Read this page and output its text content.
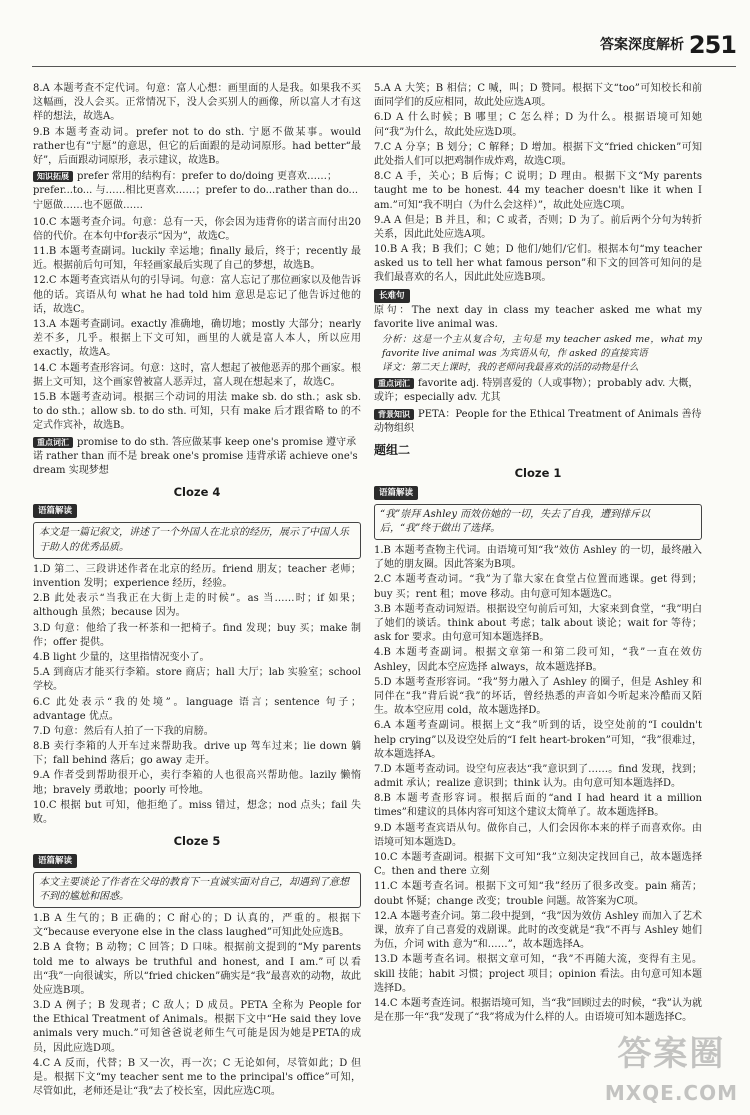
答案深度解析 251
8.A 本题考查不定代词。句意：富人心想：画里面的人是我。如果我不买这幅画，没人会买。正常情况下，没人会买别人的画像，所以富人才有这样的想法，故选A。
9.B 本题考查动词。prefer not to do sth. 宁愿不做某事。would rather也有“宁愿”的意思，但它的后面跟的是动词原形。had better“最好”，后面跟动词原形，表示建议，故选B。
知识拓展 prefer 常用的结构有：prefer to do/doing 更喜欢……；prefer...to... 与……相比更喜欢……；prefer to do...rather than do... 宁愿做……也不愿做……
10.C 本题考查介词。句意：总有一天，你会因为违背你的诺言而付出20倍的代价。在本句中for表示“因为”，故选C。
11.B 本题考查副词。luckily 幸运地；finally 最后，终于；recently 最近。根据前后句可知，年轻画家最后实现了自己的梦想，故选B。
12.C 本题考查宾语从句的引导词。句意：富人忘记了那位画家以及他告诉他的话。宾语从句 what he had told him 意思是忘记了他告诉过他的话，故选C。
13.A 本题考查副词。exactly 准确地，确切地；mostly 大部分；nearly 差不多，几乎。根据上下文可知，画里的人就是富人本人，所以应用 exactly，故选A。
14.C 本题考查形容词。句意：这时，富人想起了被他恶弄的那个画家。根据上文可知，这个画家曾被富人恶弄过，富人现在想起来了，故选C。
15.B 本题考查动词。根据三个动词的用法 make sb. do sth.；ask sb. to do sth.；allow sb. to do sth. 可知，只有 make 后才跟省略 to 的不定式作宾补，故选B。
重点词汇 promise to do sth. 答应做某事 keep one's promise 遵守承诺 rather than 而不是 break one's promise 违背承诺 achieve one's dream 实现梦想
Cloze 4
语篇解读
本文是一篇记叙文，讲述了一个外国人在北京的经历，展示了中国人乐于助人的优秀品质。
1.D 第二、三段讲述作者在北京的经历。friend 朋友；teacher 老师；invention 发明；experience 经历，经验。
2.B 此处表示“当我正在大街上走的时候”。as 当……时；if 如果；although 虽然；because 因为。
3.D 句意：他给了我一杯茶和一把椅子。find 发现；buy 买；make 制作；offer 提供。
4.B light 少量的，这里指情况变小了。
5.A 到商店才能买行李箱。store 商店；hall 大厅；lab 实验室；school 学校。
6.C 此处表示“我的处境”。language 语言；sentence 句子；advantage 优点。
7.D 句意：然后有人拍了一下我的肩膀。
8.B 卖行李箱的人开车过来帮助我。drive up 驾车过来；lie down 躺下；fall behind 落后；go away 走开。
9.A 作者受到帮助很开心，卖行李箱的人也很高兴帮助他。lazily 懒惰地；bravely 勇敢地；poorly 可怜地。
10.C 根据 but 可知，他拒绝了。miss 错过，想念；nod 点头；fail 失败。
Cloze 5
语篇解读
本文主要谈论了作者在父母的教育下一直诚实面对自己，却遇到了意想不到的尴尬和困惑。
1.B A 生气的；B 正确的；C 耐心的；D 认真的，严重的。根据下文“because everyone else in the class laughed”可知此处应选B。
2.B A 食物；B 动物；C 回答；D 口味。根据前文提到的“My parents told me to always be truthful and honest, and I am.”可以看出“我”一向很诚实，所以“fried chicken”确实是“我”最喜欢的动物，故此处应选B项。
3.D A 例子；B 发现者；C 敌人；D 成员。PETA 全称为 People for the Ethical Treatment of Animals。根据下文中“He said they love animals very much.”可知爸爸说老师生气可能是因为她是PETA的成员，因此应选D项。
4.C A 反而，代替；B 又一次，再一次；C 无论如何，尽管如此；D 但是。根据下文“my teacher sent me to the principal's office”可知，尽管如此，老师还是让“我”去了校长室，因此应选C项。
5.A A 大笑；B 相信；C 喊，叫；D 赞同。根据下文“too”可知校长和前面同学们的反应相同，故此处应选A项。
6.D A 什么时候；B 哪里；C 怎么样；D 为什么。根据语境可知她问“我”为什么，故此处应选D项。
7.C A 分享；B 划分；C 解释；D 增加。根据下文“fried chicken”可知此处指人们可以把鸡制作成炸鸡，故选C项。
8.C A 手，关心；B 后悔；C 说明；D 理由。根据下文“My parents taught me to be honest. 44 my teacher doesn't like it when I am.”可知“我不明白（为什么会这样）”，故此处应选C项。
9.A A 但是；B 并且，和；C 或者，否则；D 为了。前后两个分句为转折关系，因此此处应选A项。
10.B A 我；B 我们；C 她；D 他们/她们/它们。根据本句“my teacher asked us to tell her what famous person”和下文的回答可知问的是我们最喜欢的名人，因此此处应选B项。
长难句
原句：The next day in class my teacher asked me what my favorite live animal was.
分析：这是一个主从复合句，主句是 my teacher asked me，what my favorite live animal was 为宾语从句，作 asked 的直接宾语
译文：第二天上课时，我的老师问我最喜欢的活的动物是什么
重点词汇 favorite adj. 特别喜爱的（人或事物）；probably adv. 大概，或许；especially adv. 尤其
背景知识 PETA：People for the Ethical Treatment of Animals 善待动物组织
题组二
Cloze 1
语篇解读
“我”崇拜 Ashley 而效仿她的一切，失去了自我，遭到排斥以后，“我”终于做出了选择。
1.B 本题考查物主代词。由语境可知“我”效仿 Ashley 的一切，最终融入了她的朋友圈。因此答案为B项。
2.C 本题考查动词。“我”为了靠大家在食堂占位置而逃课。get 得到；buy 买；rent 租；move 移动。由句意可知本题选C。
3.B 本题考查动词短语。根据设空句前后可知，大家来到食堂，“我”明白了她们的谈话。think about 考虑；talk about 谈论；wait for 等待；ask for 要求。由句意可知本题选择B。
4.B 本题考查副词。根据文章第一和第二段可知，“我”一直在效仿 Ashley，因此本空应选择 always，故本题选择B。
5.D 本题考查形容词。“我”努力融入了 Ashley 的圈子，但是 Ashley 和同伴在“我”背后说“我”的坏话，曾经热悉的声音如今听起来冷酷而又陌生。故本空应用 cold，故本题选择D。
6.A 本题考查副词。根据上文“我”听到的话，设空处前的“I couldn't help crying”以及设空处后的“I felt heart-broken”可知，“我”很难过，故本题选择A。
7.D 本题考查动词。设空句应表达“我”意识到了……。find 发现，找到；admit 承认；realize 意识到；think 认为。由句意可知本题选择D。
8.B 本题考查形容词。根据后面的“and I had heard it a million times”和建议的具体内容可知这个建议太简单了。故本题选择B。
9.D 本题考查宾语从句。做你自己，人们会因你本来的样子而喜欢你。由语境可知本题选D。
10.C 本题考查副词。根据下文可知“我”立刻决定找回自己，故本题选择C。then and there 立刻
11.C 本题考查名词。根据下文可知“我”经历了很多改变。pain 痛苦；doubt 怀疑；change 改变；trouble 问题。故答案为C项。
12.A 本题考查介词。第二段中提到，“我”因为效仿 Ashley 而加入了艺术课，放弃了自己喜爱的戏剧课。此时的改变就是“我”不再与 Ashley 她们为伍，介词 with 意为“和……”，故本题选择A。
13.D 本题考查名词。根据文章可知，“我”不再随大流，变得有主见。skill 技能；habit 习惯；project 项目；opinion 看法。由句意可知本题选择D。
14.C 本题考查连词。根据语境可知，当“我”回顾过去的时候，“我”认为就是在那一年“我”发现了“我”将成为什么样的人。由语境可知本题选择C。
答案圈
MXQE.COM
